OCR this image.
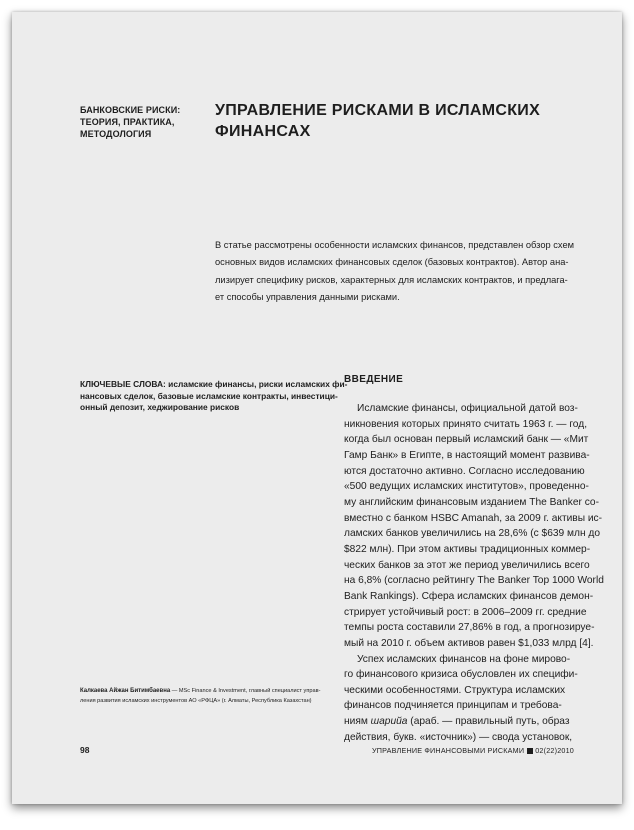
БАНКОВСКИЕ РИСКИ:
ТЕОРИЯ, ПРАКТИКА,
МЕТОДОЛОГИЯ
УПРАВЛЕНИЕ РИСКАМИ В ИСЛАМСКИХ
ФИНАНСАХ
В статье рассмотрены особенности исламских финансов, представлен обзор схем
основных видов исламских финансовых сделок (базовых контрактов). Автор ана-
лизирует специфику рисков, характерных для исламских контрактов, и предлага-
ет способы управления данными рисками.
КЛЮЧЕВЫЕ СЛОВА: исламские финансы, риски исламских фи-
нансовых сделок, базовые исламские контракты, инвестици-
онный депозит, хеджирование рисков
ВВЕДЕНИЕ
Исламские финансы, официальной датой воз-
никновения которых принято считать 1963 г. — год,
когда был основан первый исламский банк — «Мит
Гамр Банк» в Египте, в настоящий момент развива-
ются достаточно активно. Согласно исследованию
«500 ведущих исламских институтов», проведенно-
му английским финансовым изданием The Banker со-
вместно с банком HSBC Amanah, за 2009 г. активы ис-
ламских банков увеличились на 28,6% (с $639 млн до
$822 млн). При этом активы традиционных коммер-
ческих банков за этот же период увеличились всего
на 6,8% (согласно рейтингу The Banker Top 1000 World
Bank Rankings). Сфера исламских финансов демон-
стрирует устойчивый рост: в 2006–2009 гг. средние
темпы роста составили 27,86% в год, а прогнозируе-
мый на 2010 г. объем активов равен $1,033 млрд [4].
Успех исламских финансов на фоне мирово-
го финансового кризиса обусловлен их специфи-
ческими особенностями. Структура исламских
финансов подчиняется принципам и требова-
ниям шарийа (араб. — правильный путь, образ
действия, букв. «источник») — свода установок,
Калкаева Айжан Битимбаевна — MSc Finance & Investment, главный специалист управ-
ления развития исламских инструментов АО «РФЦА» (г. Алматы, Республика Казахстан)
98	УПРАВЛЕНИЕ ФИНАНСОВЫМИ РИСКАМИ 02(22)2010
